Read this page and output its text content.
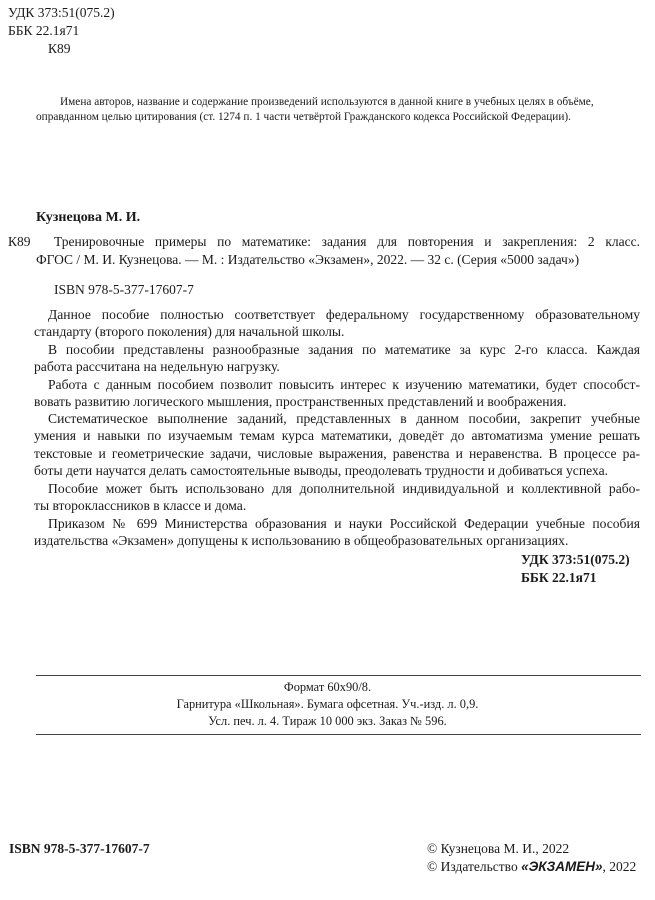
УДК 373:51(075.2)
ББК 22.1я71
К89
Имена авторов, название и содержание произведений используются в данной книге в учебных целях в объёме,
оправданном целью цитирования (ст. 1274 п. 1 части четвёртой Гражданского кодекса Российской Федерации).
Кузнецова М. И.
К89 Тренировочные примеры по математике: задания для повторения и закрепления: 2 класс.
ФГОС / М. И. Кузнецова. — М. : Издательство «Экзамен», 2022. — 32 с. (Серия «5000 задач»)
ISBN 978-5-377-17607-7
Данное пособие полностью соответствует федеральному государственному образовательному
стандарту (второго поколения) для начальной школы.
В пособии представлены разнообразные задания по математике за курс 2-го класса. Каждая
работа рассчитана на недельную нагрузку.
Работа с данным пособием позволит повысить интерес к изучению математики, будет способст-
вовать развитию логического мышления, пространственных представлений и воображения.
Систематическое выполнение заданий, представленных в данном пособии, закрепит учебные
умения и навыки по изучаемым темам курса математики, доведёт до автоматизма умение решать
текстовые и геометрические задачи, числовые выражения, равенства и неравенства. В процессе ра-
боты дети научатся делать самостоятельные выводы, преодолевать трудности и добиваться успеха.
Пособие может быть использовано для дополнительной индивидуальной и коллективной рабо-
ты второклассников в классе и дома.
Приказом № 699 Министерства образования и науки Российской Федерации учебные пособия
издательства «Экзамен» допущены к использованию в общеобразовательных организациях.
УДК 373:51(075.2)
ББК 22.1я71
Формат 60х90/8.
Гарнитура «Школьная». Бумага офсетная. Уч.-изд. л. 0,9.
Усл. печ. л. 4. Тираж 10 000 экз. Заказ № 596.
ISBN 978-5-377-17607-7	© Кузнецова М. И., 2022
© Издательство «ЭКЗАМЕН», 2022
